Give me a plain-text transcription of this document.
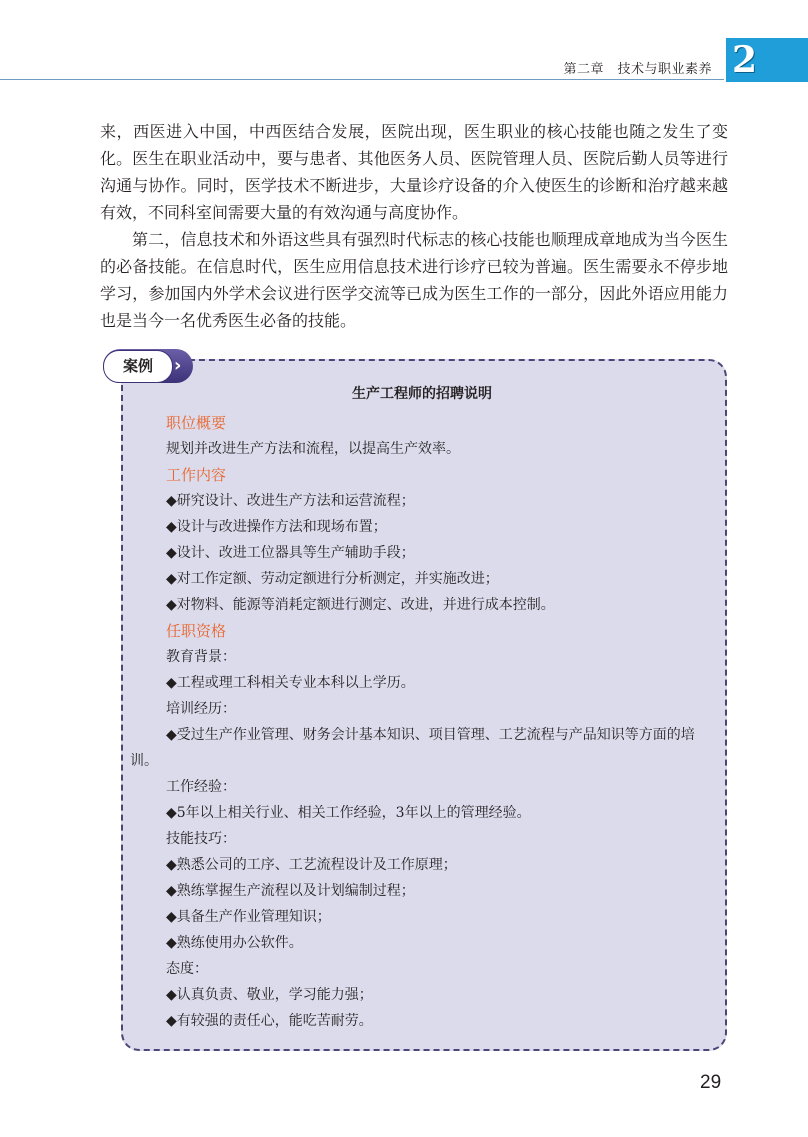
第二章　技术与职业素养 2
来，西医进入中国，中西医结合发展，医院出现，医生职业的核心技能也随之发生了变化。医生在职业活动中，要与患者、其他医务人员、医院管理人员、医院后勤人员等进行沟通与协作。同时，医学技术不断进步，大量诊疗设备的介入使医生的诊断和治疗越来越有效，不同科室间需要大量的有效沟通与高度协作。
第二，信息技术和外语这些具有强烈时代标志的核心技能也顺理成章地成为当今医生的必备技能。在信息时代，医生应用信息技术进行诊疗已较为普遍。医生需要永不停步地学习，参加国内外学术会议进行医学交流等已成为医生工作的一部分，因此外语应用能力也是当今一名优秀医生必备的技能。
案例	›
生产工程师的招聘说明
职位概要
规划并改进生产方法和流程，以提高生产效率。
工作内容
◆研究设计、改进生产方法和运营流程；
◆设计与改进操作方法和现场布置；
◆设计、改进工位器具等生产辅助手段；
◆对工作定额、劳动定额进行分析测定，并实施改进；
◆对物料、能源等消耗定额进行测定、改进，并进行成本控制。
任职资格
教育背景：
◆工程或理工科相关专业本科以上学历。
培训经历：
◆受过生产作业管理、财务会计基本知识、项目管理、工艺流程与产品知识等方面的培训。
工作经验：
◆5年以上相关行业、相关工作经验，3年以上的管理经验。
技能技巧：
◆熟悉公司的工序、工艺流程设计及工作原理；
◆熟练掌握生产流程以及计划编制过程；
◆具备生产作业管理知识；
◆熟练使用办公软件。
态度：
◆认真负责、敬业，学习能力强；
◆有较强的责任心，能吃苦耐劳。
29
